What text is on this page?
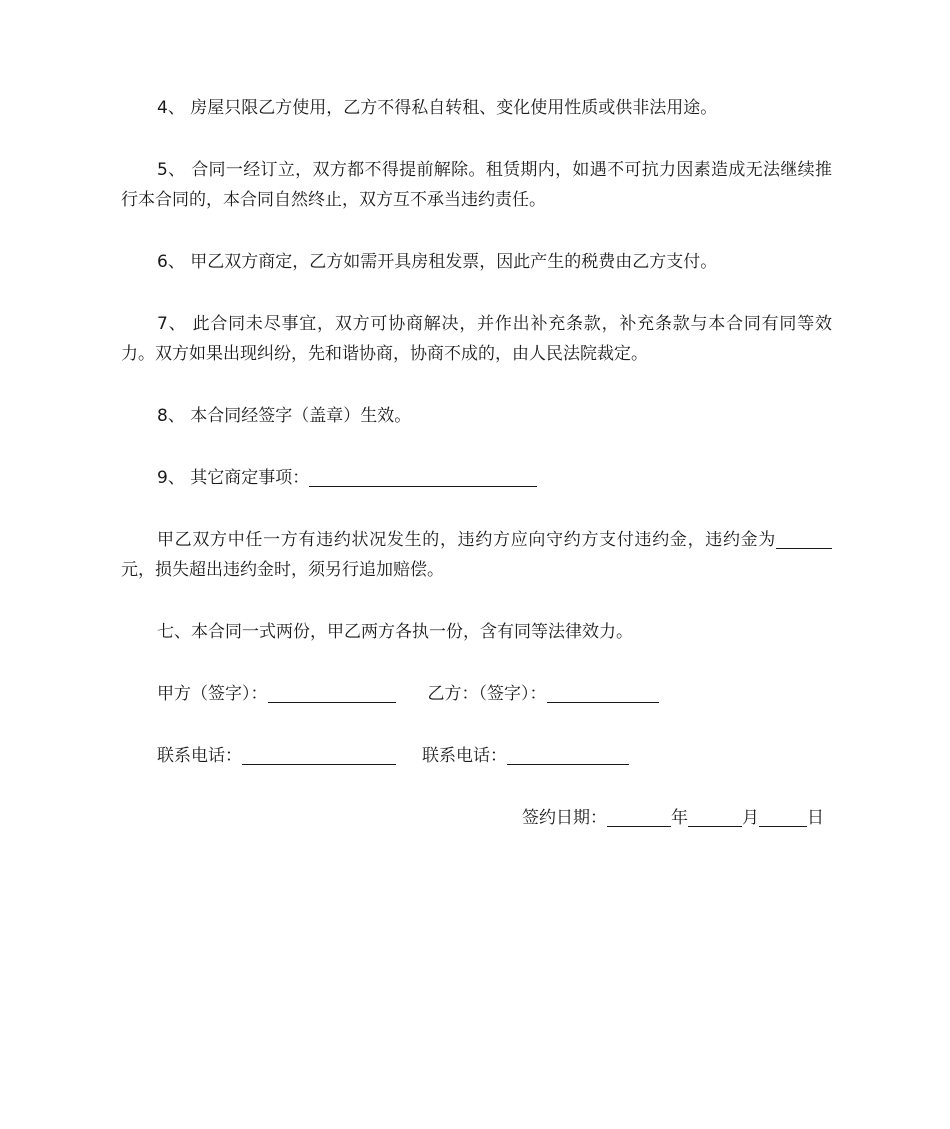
4、 房屋只限乙方使用，乙方不得私自转租、变化使用性质或供非法用途。

5、 合同一经订立，双方都不得提前解除。租赁期内，如遇不可抗力因素造成无法继续推行本合同的，本合同自然终止，双方互不承当违约责任。

6、 甲乙双方商定，乙方如需开具房租发票，因此产生的税费由乙方支付。

7、 此合同未尽事宜，双方可协商解决，并作出补充条款，补充条款与本合同有同等效力。双方如果出现纠纷，先和谐协商，协商不成的，由人民法院裁定。

8、 本合同经签字（盖章）生效。

9、 其它商定事项：

甲乙双方中任一方有违约状况发生的，违约方应向守约方支付违约金，违约金为元，损失超出违约金时，须另行追加赔偿。

七、本合同一式两份，甲乙两方各执一份，含有同等法律效力。

甲方（签字）：	乙方：（签字）：
联系电话：	联系电话：

签约日期：	年	月	日
